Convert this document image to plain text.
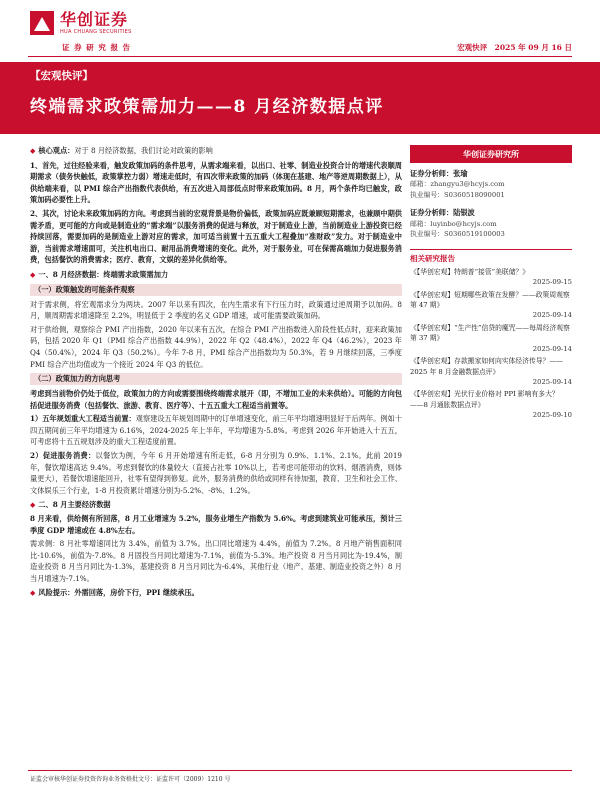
华创证券
HUA CHUANG SECURITIES
证 券 研 究 报 告	宏观快评　2025 年 09 月 16 日
【宏观快评】
终端需求政策需加力——8 月经济数据点评

◆ 核心观点：对于 8 月经济数据，我们讨论对政策的影响

1、首先，过往经验来看，触发政策加码的条件思考，从需求端来看，以出口、社零、制造业投资合计的增速代表顺周期需求（债务快触低，政策掌控力弱）增速走低时，有四次带来政策的加码（体现在基建、地产等逆周期数据上），从供给端来看，以 PMI 综合产出指数代表供给，有五次进入局部低点时带来政策加码。8 月，两个条件均已触发，政策加码必要性上升。

2、其次，讨论未来政策加码的方向。考虑到当前的宏观背景是物价偏低，政策加码应既兼顾短期需求，也兼顾中期供需矛盾，更可能的方向或是制造业的“需求端”以服务消费的促进与释放，对于制造业上游，当前制造业上游投资已经持续回落，需要加码的是制造业上游对应的需求，加可适当前置十五五重大工程叠加“准财政”发力。对于制造业中游，当前需求增速面可，关注机电出口、耐用品消费增速的变化。此外，对于服务业，可在保需高端加力促进服务消费，包括餐饮的消费需求；医疗、教育，文娱的差异化供给等。

◆ 一、8 月经济数据：终端需求政策需加力

（一）政策触发的可能条件观察

对于需求侧，将宏观需求分为两块。2007 年以来有四次，在内生需求有下行压力时，政策通过逆周期予以加码。8 月，顺周期需求增速降至 2.2%，明显低于 2 季度的名义 GDP 增速，或可能需要政策加码。

对于供给侧，观察综合 PMI 产出指数，2020 年以来有五次，在综合 PMI 产出指数进入阶段性低点时，迎来政策加码，包括 2020 年 Q1（PMI 综合产出指数 44.9%），2022 年 Q2（48.4%），2022 年 Q4（46.2%），2023 年 Q4（50.4%），2024 年 Q3（50.2%）。今年 7-8 月，PMI 综合产出指数均为 50.3%，若 9 月继续回落，三季度 PMI 综合产出均值或为一个接近 2024 年 Q3 的低位。

（二）政策加力的方向思考

考虑到当前物价仍处于低位，政策加力的方向或需要围绕终端需求展开（即，不增加工业的未来供给）。可能的方向包括促进服务消费（包括餐饮、旅游、教育、医疗等）、十五五重大工程适当前置等。

1）五年规划重大工程适当前置：观察建设五年规划周期中的订单增速变化，前三年平均增速明显好于后两年。例如十四五期间前三年平均增速为 6.16%，2024-2025 年上半年，平均增速为-5.8%。考虑到 2026 年开始进入十五五，可考虑将十五五规划涉及的重大工程适度前置。

2）促进服务消费：以餐饮为例，今年 6 月开始增速有所走低，6-8 月分别为 0.9%、1.1%、2.1%。此前 2019 年，餐饮增速高达 9.4%。考虑到餐饮的体量较大（直接占社零 10%以上，若考虑可能带动的饮料、烟酒消费，则体量更大），若餐饮增速能回升，社零有望得到修复。此外，服务消费的供给或同样有待加强，教育、卫生和社会工作、文体娱乐三个行业，1-8 月投资累计增速分别为-5.2%、-8%、1.2%。

◆ 二、8 月主要经济数据

8 月来看，供给侧有所回落，8 月工业增速为 5.2%，服务业增生产指数为 5.6%。考虑到建筑业可能承压，预计三季度 GDP 增速或在 4.8%左右。

需求侧：8 月社零增速同比为 3.4%，前值为 3.7%。出口同比增速为 4.4%，前值为 7.2%。8 月地产销售面积同比-10.6%，前值为-7.8%。8 月固投当月同比增速为-7.1%，前值为-5.3%。地产投资 8 月当月同比为-19.4%，制造业投资 8 月当月同比为-1.3%，基建投资 8 月当月同比为-6.4%，其他行业（地产、基建、制造业投资之外）8 月当月增速为-7.1%。

◆ 风险提示：外需回落，房价下行，PPI 继续承压。

华创证券研究所
证券分析师：张瑜
邮箱：zhangyu3@hcyjs.com
执业编号：S0360518090001
证券分析师：陆银波
邮箱：luyinbo@hcyjs.com
执业编号：S0360519100003
相关研究报告
《【华创宏观】特朗普“接管”美联储？》
2025-09-15
《【华创宏观】短期哪些政策在发酵？——政策周观察第 47 期》
2025-09-14
《【华创宏观】“生产性”信贷的魔咒——每周经济观察第 37 期》
2025-09-14
《【华创宏观】存款搬家如何向实体经济传导？——2025 年 8 月金融数据点评》
2025-09-14
《【华创宏观】光伏行业价格对 PPI 影响有多大？——8 月通胀数据点评》
2025-09-10
证监会审核华创证券投资咨询业务资格批文号：证监许可（2009）1210 号
